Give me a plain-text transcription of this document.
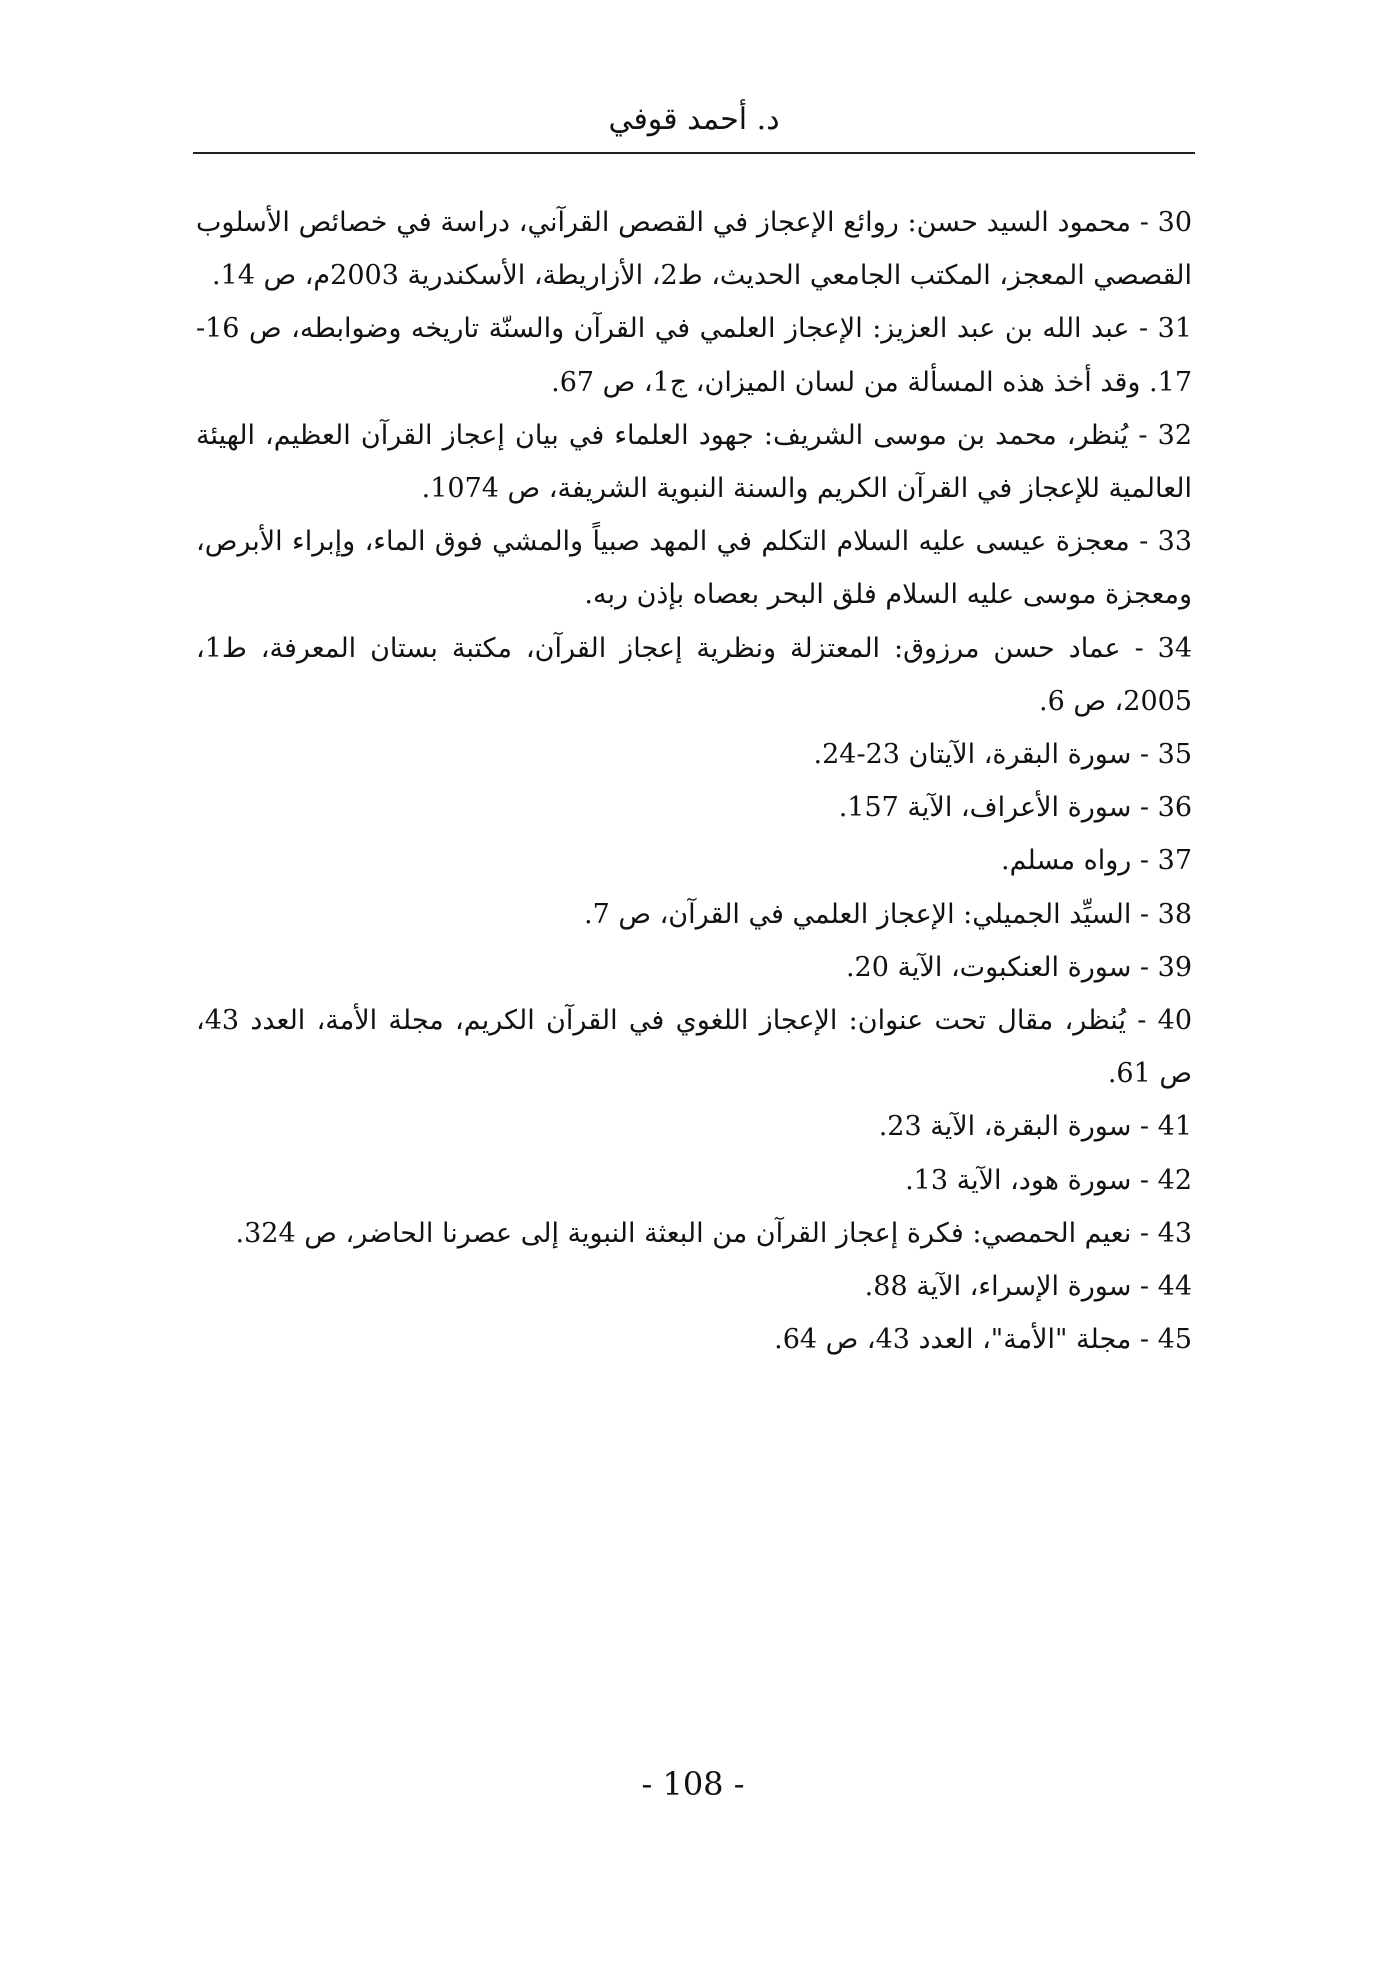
د. أحمد قوفي
30 - محمود السيد حسن: روائع الإعجاز في القصص القرآني، دراسة في خصائص الأسلوب القصصي المعجز، المكتب الجامعي الحديث، ط2، الأزاريطة، الأسكندرية 2003م، ص 14.
31 - عبد الله بن عبد العزيز: الإعجاز العلمي في القرآن والسنّة تاريخه وضوابطه، ص 16-17. وقد أخذ هذه المسألة من لسان الميزان، ج1، ص 67.
32 - يُنظر، محمد بن موسى الشريف: جهود العلماء في بيان إعجاز القرآن العظيم، الهيئة العالمية للإعجاز في القرآن الكريم والسنة النبوية الشريفة، ص 1074.
33 - معجزة عيسى عليه السلام التكلم في المهد صبياً والمشي فوق الماء، وإبراء الأبرص، ومعجزة موسى عليه السلام فلق البحر بعصاه بإذن ربه.
34 - عماد حسن مرزوق: المعتزلة ونظرية إعجاز القرآن، مكتبة بستان المعرفة، ط1، 2005، ص 6.
35 - سورة البقرة، الآيتان 23-24.
36 - سورة الأعراف، الآية 157.
37 - رواه مسلم.
38 - السيِّد الجميلي: الإعجاز العلمي في القرآن، ص 7.
39 - سورة العنكبوت، الآية 20.
40 - يُنظر، مقال تحت عنوان: الإعجاز اللغوي في القرآن الكريم، مجلة الأمة، العدد 43، ص 61.
41 - سورة البقرة، الآية 23.
42 - سورة هود، الآية 13.
43 - نعيم الحمصي: فكرة إعجاز القرآن من البعثة النبوية إلى عصرنا الحاضر، ص 324.
44 - سورة الإسراء، الآية 88.
45 - مجلة "الأمة"، العدد 43، ص 64.
- 108 -
